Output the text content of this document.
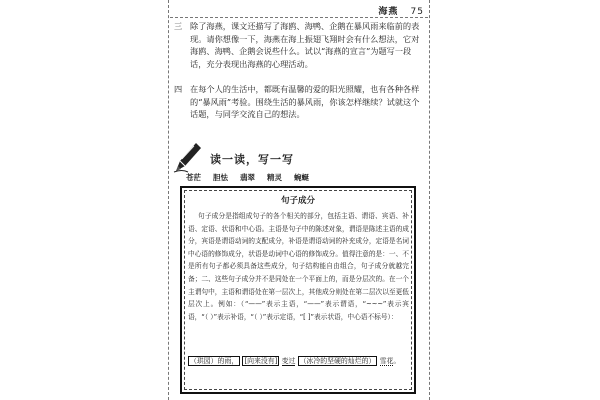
海燕 75
三 除了海燕，课文还描写了海鸥、海鸭、企鹅在暴风雨来临前的表现。请你想像一下，海燕在海上振翅飞翔时会有什么想法，它对海鸥、海鸭、企鹅会说些什么。试以“海燕的宣言”为题写一段话，充分表现出海燕的心理活动。
四 在每个人的生活中，都既有温馨的爱的阳光照耀，也有各种各样的“暴风雨”考验。围绕生活的暴风雨，你该怎样继续？试就这个话题，与同学交流自己的想法。
读一读，写一写
苍茫 胆怯 翡翠 精灵 蜿蜒
句子成分
句子成分是指组成句子的各个相关的部分，包括主语、谓语、宾语、补语、定语、状语和中心语。主语是句子中的陈述对象，谓语是陈述主语的成分，宾语是谓语动词的支配成分，补语是谓语动词的补充成分，定语是名词中心语的修饰成分，状语是动词中心语的修饰成分。值得注意的是：一、不是所有句子都必须具备这些成分，句子结构能自由组合，句子成分就越完备；二、这些句子成分并不是同处在一个平面上的，而是分层次的。在一个主谓句中，主语和谓语处在第一层次上，其他成分则处在第二层次以至更低层次上。例如：（“——”表示主语，“——”表示谓语，“~~~”表示宾语，“（ ）”表示补语，“（ ）”表示定语，“[ ]”表示状语，中心语不标号）：
（珙园）的雨， [向来没有] 变过 （冰冷的坚硬的灿烂的） 雪花。
